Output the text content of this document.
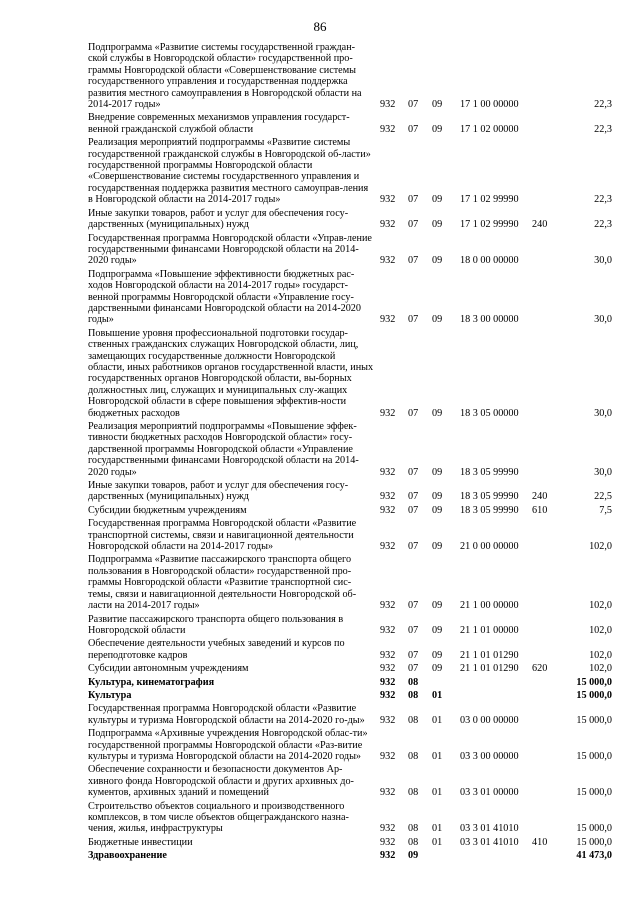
86
Подпрограмма «Развитие системы государственной граждан-ской службы в Новгородской области» государственной про-граммы Новгородской области «Совершенствование системы государственного управления и государственная поддержка развития местного самоуправления в Новгородской области на 2014-2017 годы»	932	07	09	17 1 00 00000		22,3
Внедрение современных механизмов управления государст-венной гражданской службой области	932	07	09	17 1 02 00000		22,3
Реализация мероприятий подпрограммы «Развитие системы государственной гражданской службы в Новгородской об-ласти» государственной программы Новгородской области «Совершенствование системы государственного управления и государственная поддержка развития местного самоуправ-ления в Новгородской области на 2014-2017 годы»	932	07	09	17 1 02 99990		22,3
Иные закупки товаров, работ и услуг для обеспечения госу-дарственных (муниципальных) нужд	932	07	09	17 1 02 99990	240	22,3
Государственная программа Новгородской области «Управ-ление государственными финансами Новгородской области на 2014-2020 годы»	932	07	09	18 0 00 00000		30,0
Подпрограмма «Повышение эффективности бюджетных рас-ходов Новгородской области на 2014-2017 годы» государст-венной программы Новгородской области «Управление госу-дарственными финансами Новгородской области на 2014-2020 годы»	932	07	09	18 3 00 00000		30,0
Повышение уровня профессиональной подготовки государ-ственных гражданских служащих Новгородской области, лиц, замещающих государственные должности Новгородской области, иных работников органов государственной власти, иных государственных органов Новгородской области, вы-борных должностных лиц, служащих и муниципальных слу-жащих Новгородской области в сфере повышения эффектив-ности бюджетных расходов	932	07	09	18 3 05 00000		30,0
Реализация мероприятий подпрограммы «Повышение эффек-тивности бюджетных расходов Новгородской области» госу-дарственной программы Новгородской области «Управление государственными финансами Новгородской области на 2014-2020 годы»	932	07	09	18 3 05 99990		30,0
Иные закупки товаров, работ и услуг для обеспечения госу-дарственных (муниципальных) нужд	932	07	09	18 3 05 99990	240	22,5
Субсидии бюджетным учреждениям	932	07	09	18 3 05 99990	610	7,5
Государственная программа Новгородской области «Развитие транспортной системы, связи и навигационной деятельности Новгородской области на 2014-2017 годы»	932	07	09	21 0 00 00000		102,0
Подпрограмма «Развитие пассажирского транспорта общего пользования в Новгородской области» государственной про-граммы Новгородской области «Развитие транспортной сис-темы, связи и навигационной деятельности Новгородской об-ласти на 2014-2017 годы»	932	07	09	21 1 00 00000		102,0
Развитие пассажирского транспорта общего пользования в Новгородской области	932	07	09	21 1 01 00000		102,0
Обеспечение деятельности учебных заведений и курсов по переподготовке кадров	932	07	09	21 1 01 01290		102,0
Субсидии автономным учреждениям	932	07	09	21 1 01 01290	620	102,0
Культура, кинематография	932	08				15 000,0
Культура	932	08	01			15 000,0
Государственная программа Новгородской области «Развитие культуры и туризма Новгородской области на 2014-2020 го-ды»	932	08	01	03 0 00 00000		15 000,0
Подпрограмма «Архивные учреждения Новгородской облас-ти» государственной программы Новгородской области «Раз-витие культуры и туризма Новгородской области на 2014-2020 годы»	932	08	01	03 3 00 00000		15 000,0
Обеспечение сохранности и безопасности документов Ар-хивного фонда Новгородской области и других архивных до-кументов, архивных зданий и помещений	932	08	01	03 3 01 00000		15 000,0
Строительство объектов социального и производственного комплексов, в том числе объектов общегражданского назна-чения, жилья, инфраструктуры	932	08	01	03 3 01 41010		15 000,0
Бюджетные инвестиции	932	08	01	03 3 01 41010	410	15 000,0
Здравоохранение	932	09				41 473,0
